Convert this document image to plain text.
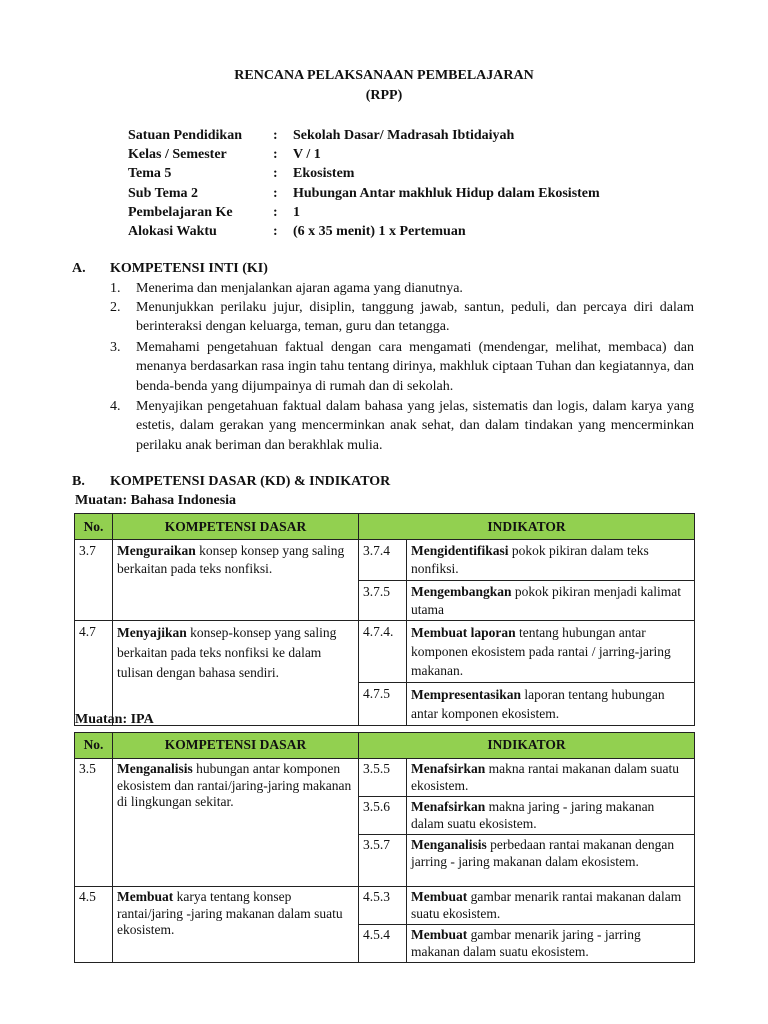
RENCANA PELAKSANAAN PEMBELAJARAN
(RPP)
Satuan Pendidikan : Sekolah Dasar/ Madrasah Ibtidaiyah
Kelas / Semester	: V / 1
Tema 5	: Ekosistem
Sub Tema 2	: Hubungan Antar makhluk Hidup dalam Ekosistem
Pembelajaran Ke	: 1
Alokasi Waktu	: (6 x 35 menit) 1 x Pertemuan
A. KOMPETENSI INTI (KI)
1. Menerima dan menjalankan ajaran agama yang dianutnya.
2. Menunjukkan perilaku jujur, disiplin, tanggung jawab, santun, peduli, dan percaya diri dalam berinteraksi dengan keluarga, teman, guru dan tetangga.
3. Memahami pengetahuan faktual dengan cara mengamati (mendengar, melihat, membaca) dan menanya berdasarkan rasa ingin tahu tentang dirinya, makhluk ciptaan Tuhan dan kegiatannya, dan benda-benda yang dijumpainya di rumah dan di sekolah.
4. Menyajikan pengetahuan faktual dalam bahasa yang jelas, sistematis dan logis, dalam karya yang estetis, dalam gerakan yang mencerminkan anak sehat, dan dalam tindakan yang mencerminkan perilaku anak beriman dan berakhlak mulia.
B. KOMPETENSI DASAR (KD) & INDIKATOR
Muatan: Bahasa Indonesia
No.	KOMPETENSI DASAR	INDIKATOR	
3.7	Menguraikan konsep konsep yang saling berkaitan pada teks nonfiksi.	3.7.4	Mengidentifikasi pokok pikiran dalam teks nonfiksi.
		3.7.5	Mengembangkan pokok pikiran menjadi kalimat utama
4.7	Menyajikan konsep-konsep yang saling berkaitan pada teks nonfiksi ke dalam tulisan dengan bahasa sendiri.	4.7.4.	Membuat laporan tentang hubungan antar komponen ekosistem pada rantai / jarring-jaring makanan.
		4.7.5	Mempresentasikan laporan tentang hubungan antar komponen ekosistem.
Muatan: IPA
No.	KOMPETENSI DASAR	INDIKATOR	
3.5	Menganalisis hubungan antar komponen ekosistem dan rantai/jaring-jaring makanan di lingkungan sekitar.	3.5.5	Menafsirkan makna rantai makanan dalam suatu ekosistem.
		3.5.6	Menafsirkan makna jaring - jaring makanan dalam suatu ekosistem.
		3.5.7	Menganalisis perbedaan rantai makanan dengan jarring - jaring makanan dalam ekosistem.
4.5	Membuat karya tentang konsep rantai/jaring -jaring makanan dalam suatu ekosistem.	4.5.3	Membuat gambar menarik rantai makanan dalam suatu ekosistem.
		4.5.4	Membuat gambar menarik jaring - jarring makanan dalam suatu ekosistem.
